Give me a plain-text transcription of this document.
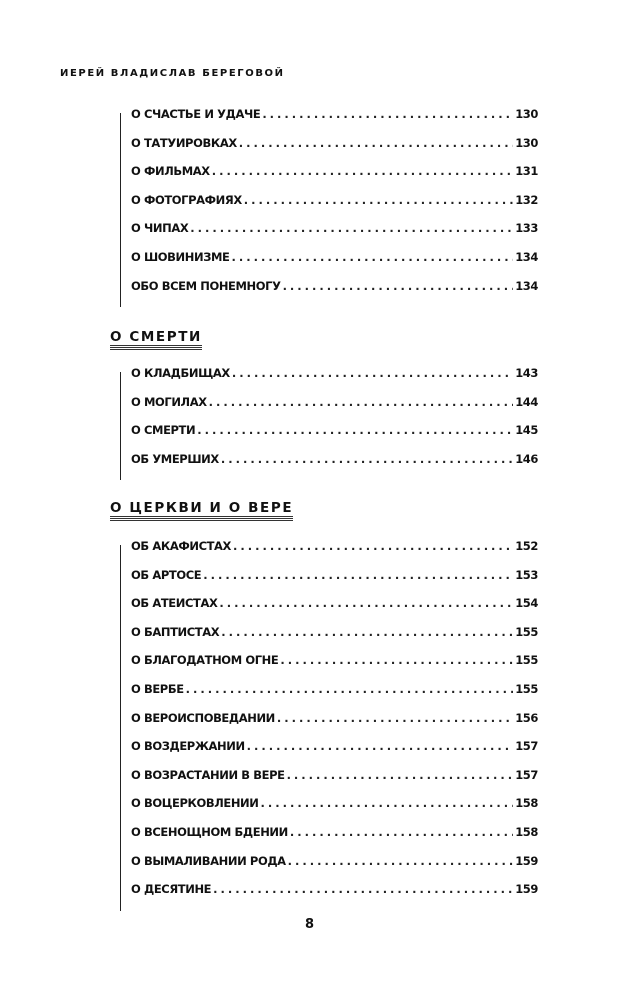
ИЕРЕЙ ВЛАДИСЛАВ БЕРЕГОВОЙ
О СЧАСТЬЕ И УДАЧЕ . . .	130
О ТАТУИРОВКАХ . . .	130
О ФИЛЬМАХ . . .	131
О ФОТОГРАФИЯХ . . .	132
О ЧИПАХ . . .	133
О ШОВИНИЗМЕ . . .	134
ОБО ВСЕМ ПОНЕМНОГУ . . .	134
О СМЕРТИ
О КЛАДБИЩАХ . . .	143
О МОГИЛАХ . . .	144
О СМЕРТИ . . .	145
ОБ УМЕРШИХ . . .	146
О ЦЕРКВИ И О ВЕРЕ
ОБ АКАФИСТАХ . . .	152
ОБ АРТОСЕ . . .	153
ОБ АТЕИСТАХ . . .	154
О БАПТИСТАХ . . .	155
О БЛАГОДАТНОМ ОГНЕ . . .	155
О ВЕРБЕ . . .	155
О ВЕРОИСПОВЕДАНИИ . . .	156
О ВОЗДЕРЖАНИИ . . .	157
О ВОЗРАСТАНИИ В ВЕРЕ . . .	157
О ВОЦЕРКОВЛЕНИИ . . .	158
О ВСЕНОЩНОМ БДЕНИИ . . .	158
О ВЫМАЛИВАНИИ РОДА . . .	159
О ДЕСЯТИНЕ . . .	159
8
